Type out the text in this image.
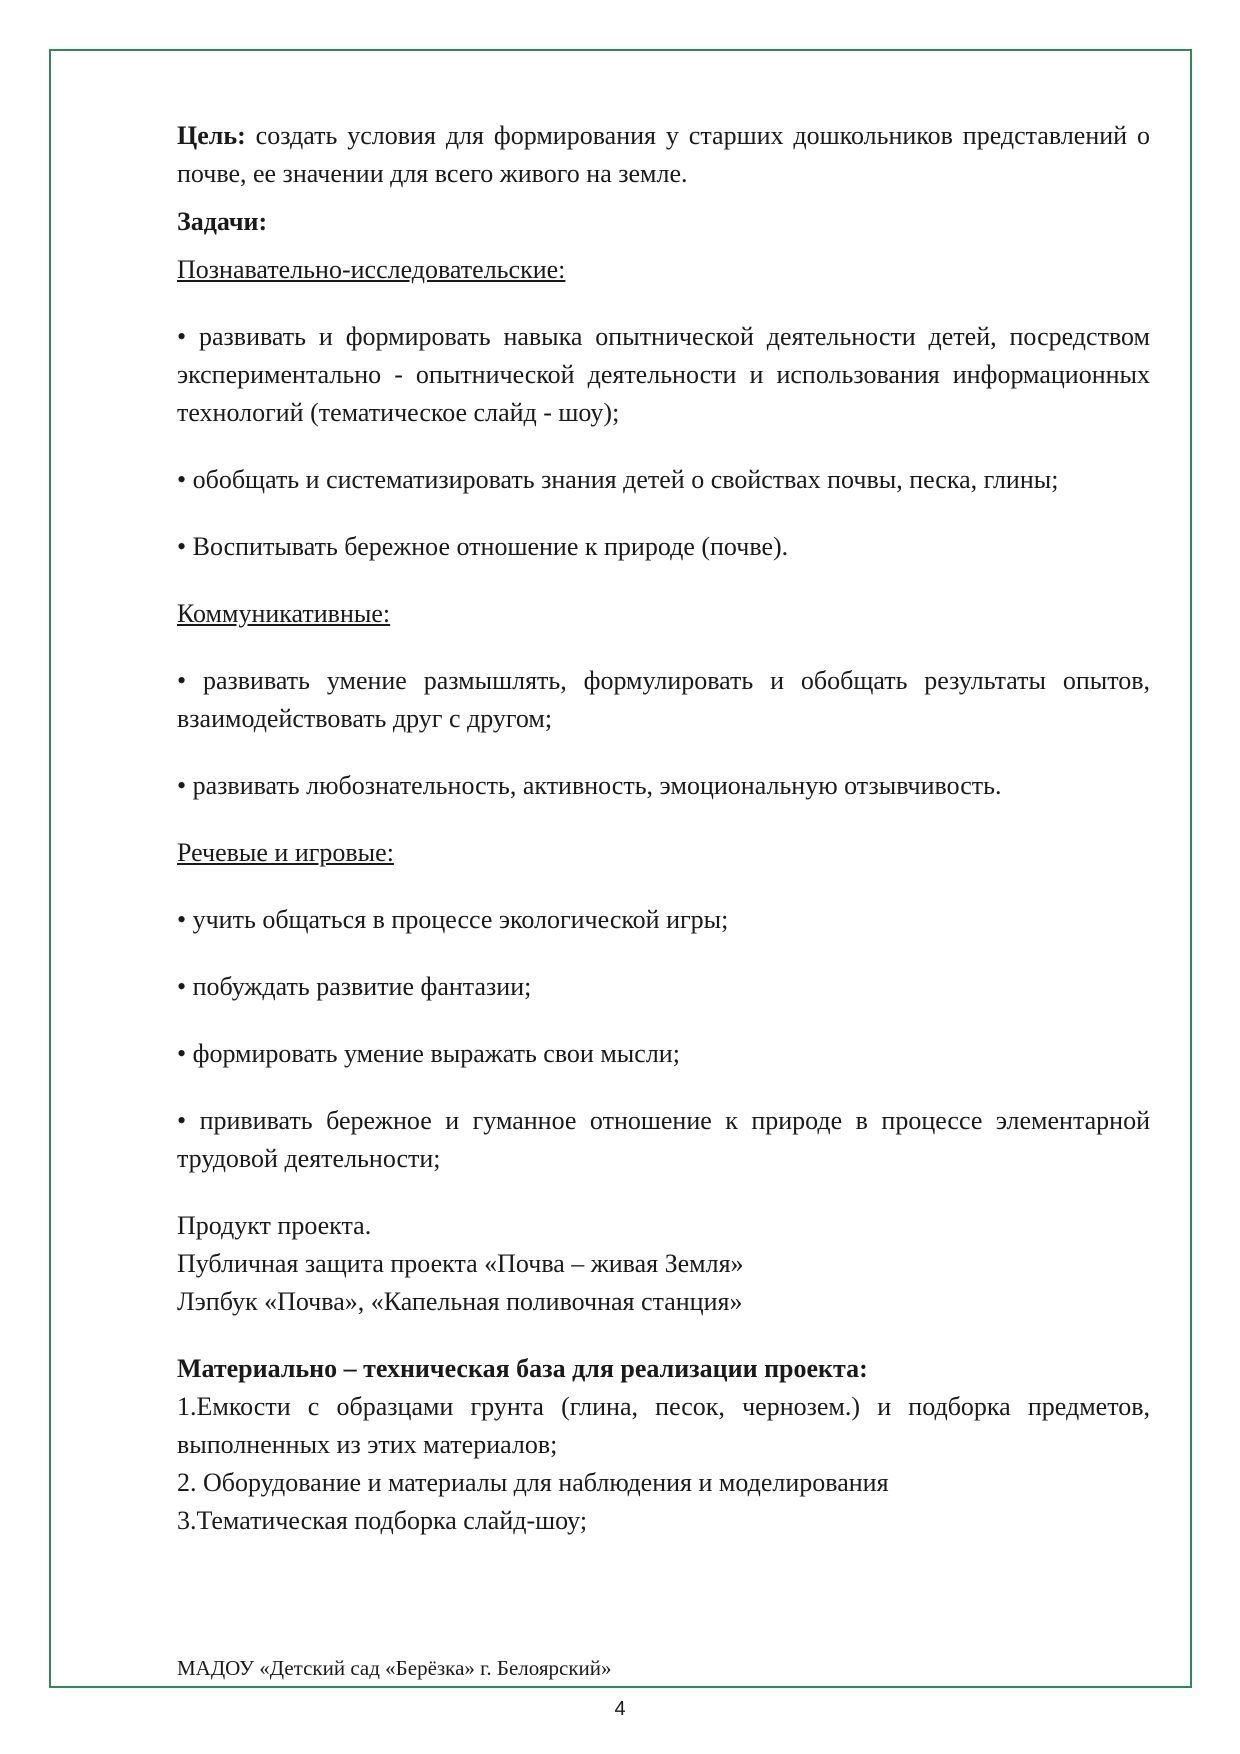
Цель: создать условия для формирования у старших дошкольников представлений о почве, ее значении для всего живого на земле.

Задачи:

Познавательно-исследовательские:

• развивать и формировать навыка опытнической деятельности детей, посредством экспериментально - опытнической деятельности и использования информационных технологий (тематическое слайд - шоу);

• обобщать и систематизировать знания детей о свойствах почвы, песка, глины;

• Воспитывать бережное отношение к природе (почве).

Коммуникативные:

• развивать умение размышлять, формулировать и обобщать результаты опытов, взаимодействовать друг с другом;

• развивать любознательность, активность, эмоциональную отзывчивость.

Речевые и игровые:

• учить общаться в процессе экологической игры;

• побуждать развитие фантазии;

• формировать умение выражать свои мысли;

• прививать бережное и гуманное отношение к природе в процессе элементарной трудовой деятельности;

Продукт проекта.

Публичная защита проекта «Почва – живая Земля»

Лэпбук «Почва», «Капельная поливочная станция»

Материально – техническая база для реализации проекта:

1.Емкости с образцами грунта (глина, песок, чернозем.) и подборка предметов, выполненных из этих материалов;

2. Оборудование и материалы для наблюдения и моделирования

3.Тематическая подборка слайд-шоу;

МАДОУ «Детский сад «Берёзка» г. Белоярский»
4
